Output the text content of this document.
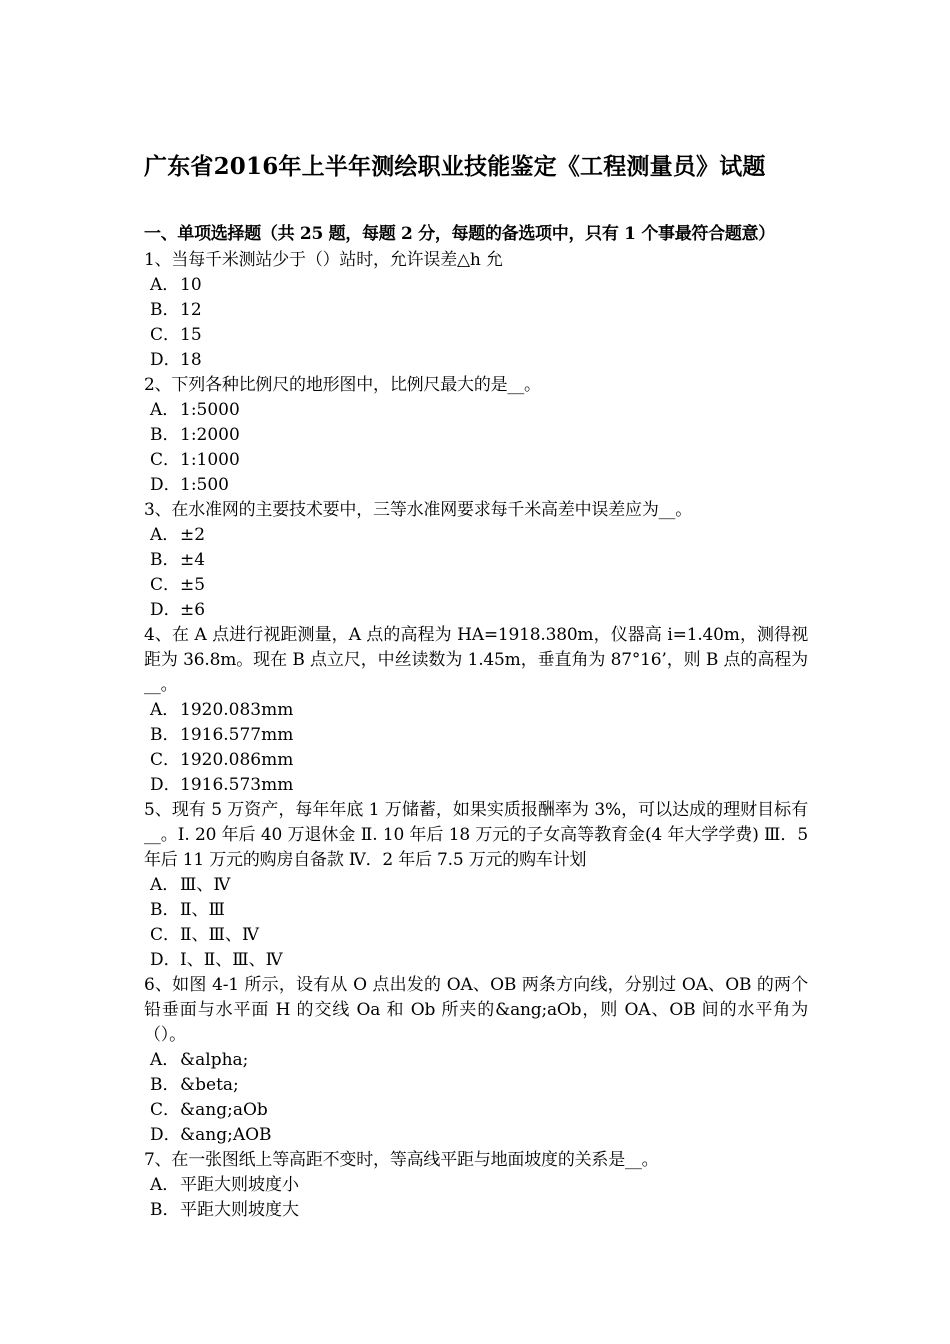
广东省2016年上半年测绘职业技能鉴定《工程测量员》试题
一、单项选择题（共 25 题，每题 2 分，每题的备选项中，只有 1 个事最符合题意）

1、当每千米测站少于（）站时，允许误差△h 允

A． 10
B． 12
C． 15
D． 18

2、下列各种比例尺的地形图中，比例尺最大的是__。

A． 1:5000
B． 1:2000
C． 1:1000
D． 1:500

3、在水准网的主要技术要中，三等水准网要求每千米高差中误差应为__。

A． ±2
B． ±4
C． ±5
D． ±6

4、在 A 点进行视距测量，A 点的高程为 HA=1918.380m，仪器高 i=1.40m，测得视距为 36.8m。现在 B 点立尺，中丝读数为 1.45m，垂直角为 87°16’，则 B 点的高程为__。

A． 1920.083mm
B． 1916.577mm
C． 1920.086mm
D． 1916.573mm

5、现有 5 万资产，每年年底 1 万储蓄，如果实质报酬率为 3%，可以达成的理财目标有__。Ⅰ. 20 年后 40 万退休金 Ⅱ. 10 年后 18 万元的子女高等教育金(4 年大学学费) Ⅲ．5 年后 11 万元的购房自备款 Ⅳ．2 年后 7.5 万元的购车计划

A． Ⅲ、Ⅳ
B． Ⅱ、Ⅲ
C． Ⅱ、Ⅲ、Ⅳ
D． Ⅰ、Ⅱ、Ⅲ、Ⅳ

6、如图 4-1 所示，设有从 O 点出发的 OA、OB 两条方向线，分别过 OA、OB 的两个铅垂面与水平面 H 的交线 Oa 和 Ob 所夹的&ang;aOb，则 OA、OB 间的水平角为（）。

A． &alpha;
B． &beta;
C． &ang;aOb
D． &ang;AOB

7、在一张图纸上等高距不变时，等高线平距与地面坡度的关系是__。

A． 平距大则坡度小
B． 平距大则坡度大
